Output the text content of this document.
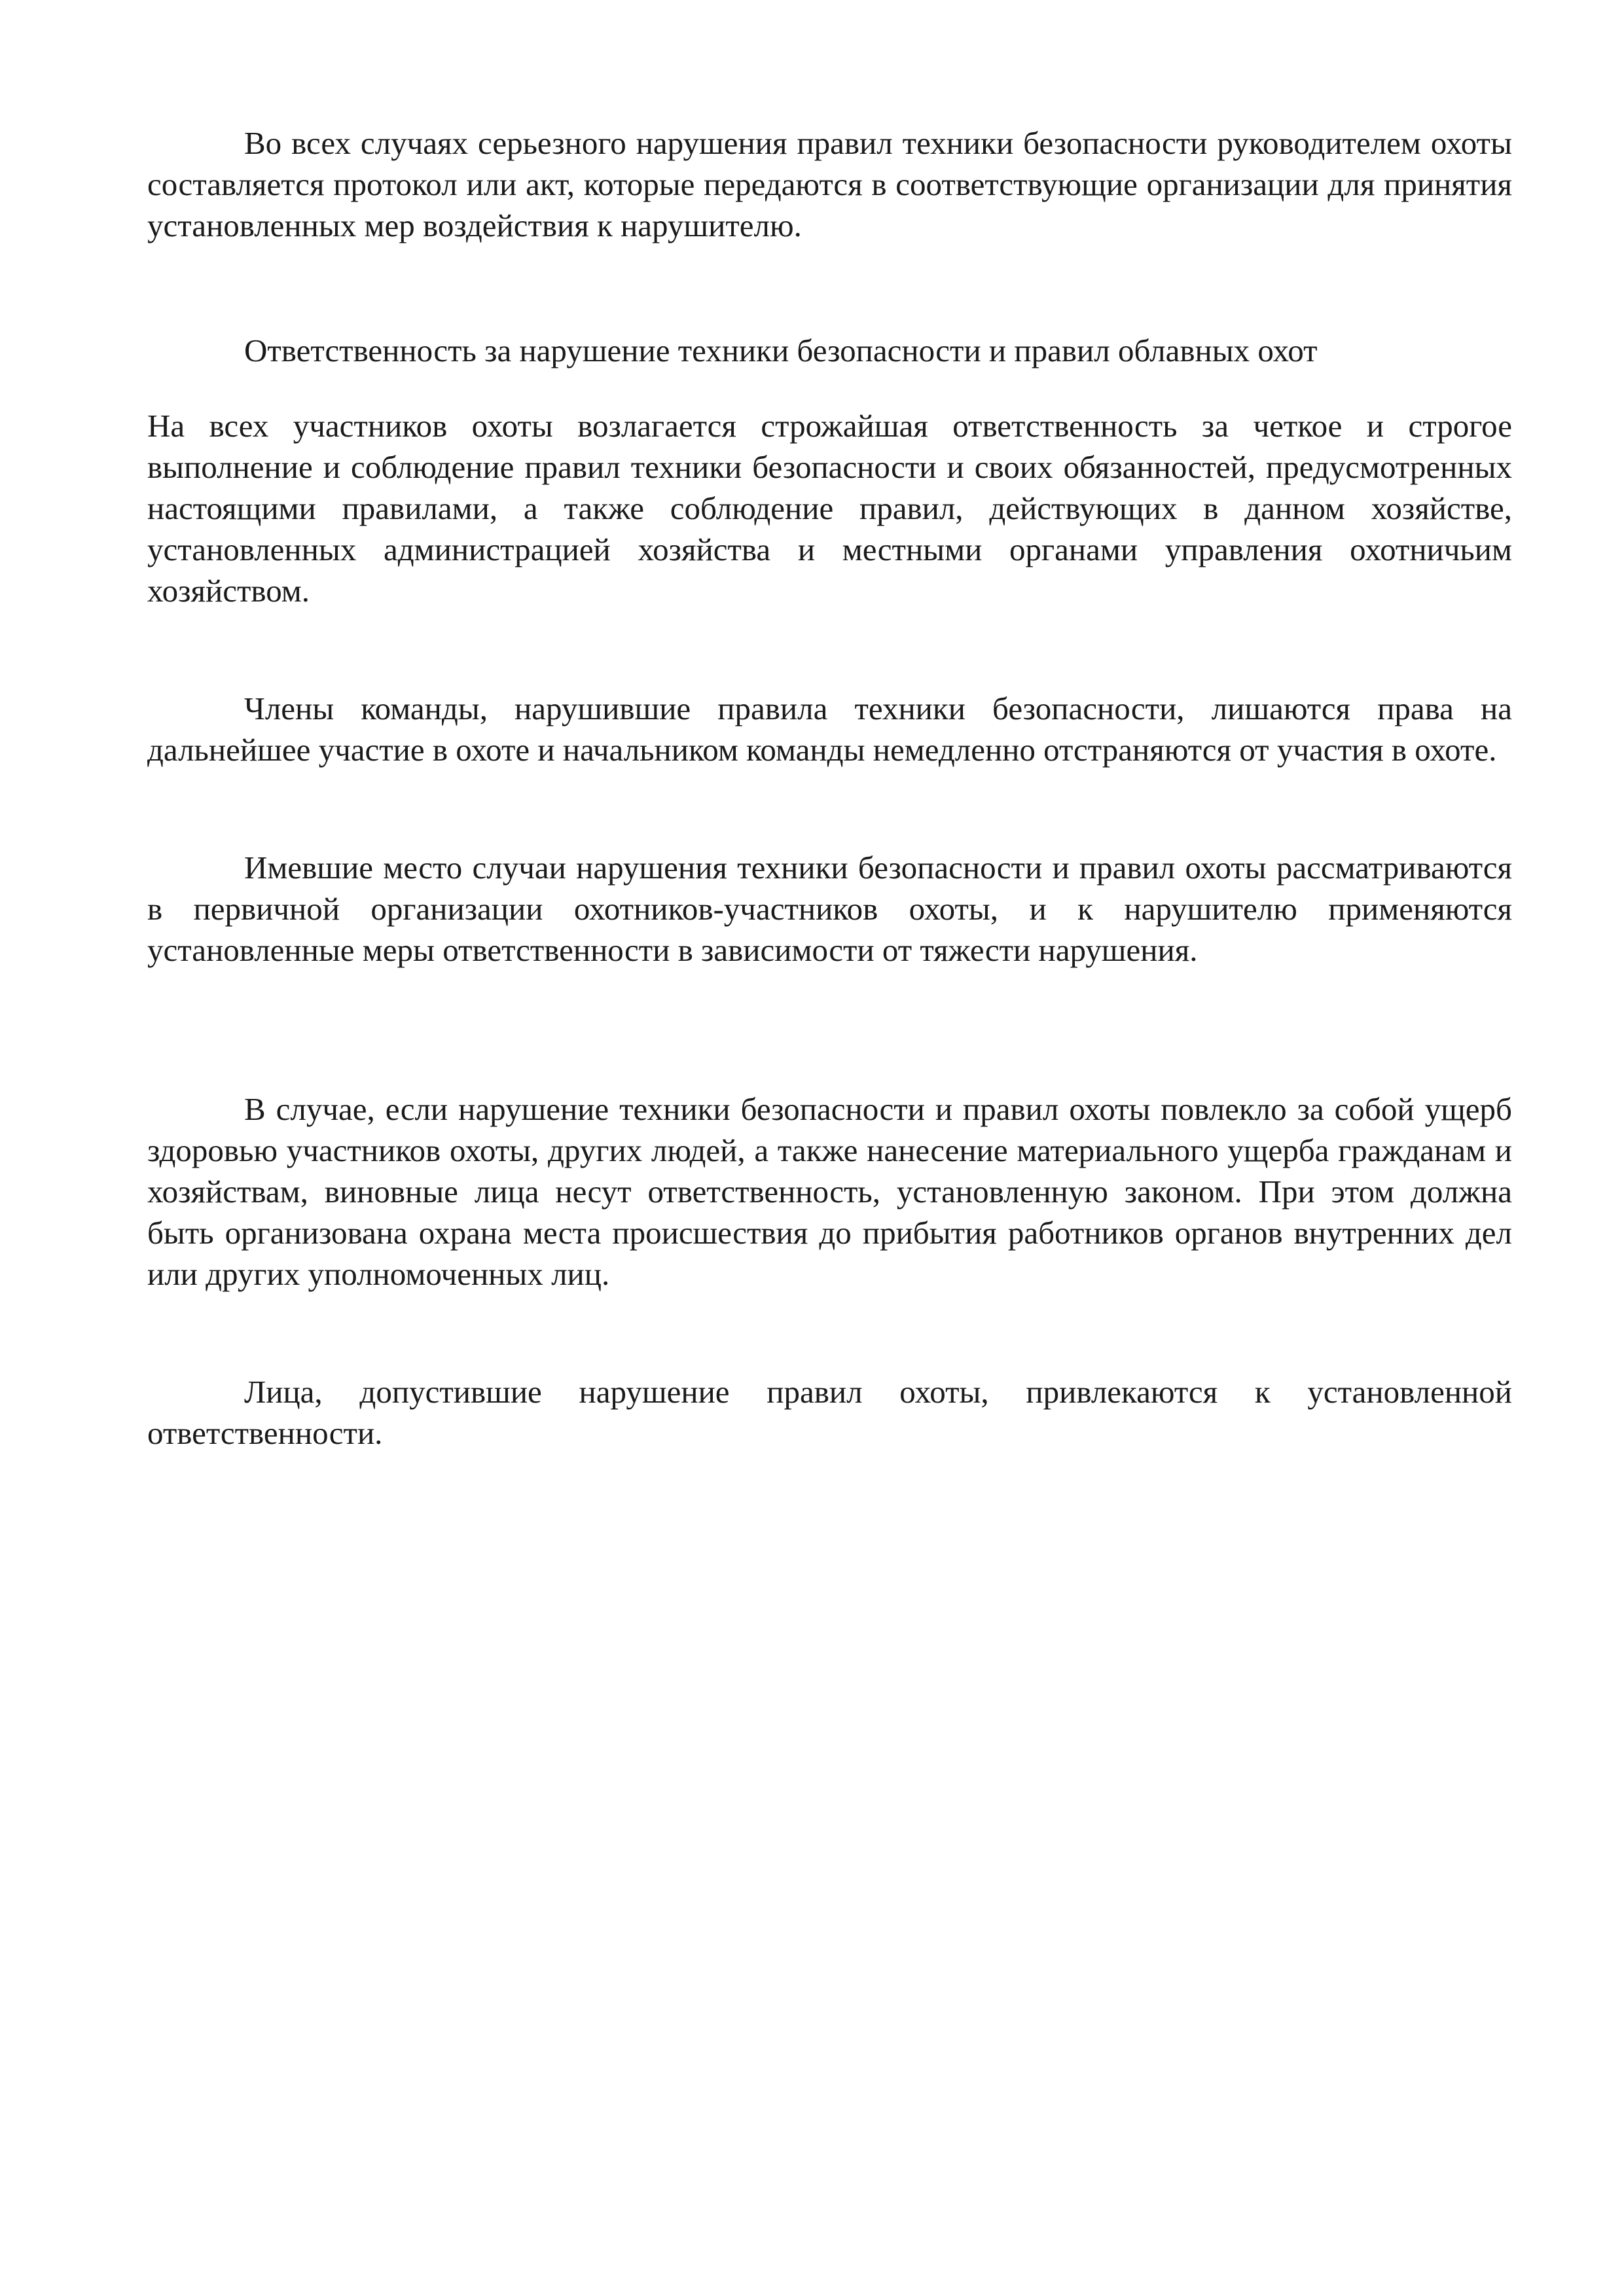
Во всех случаях серьезного нарушения правил техники безопасности руководителем охоты составляется протокол или акт, которые передаются в соответствующие организации для принятия установленных мер воздействия к нарушителю.

Ответственность за нарушение техники безопасности и правил облавных охот

На всех участников охоты возлагается строжайшая ответственность за четкое и строгое выполнение и соблюдение правил техники безопасности и своих обязанностей, предусмотренных настоящими правилами, а также соблюдение правил, действующих в данном хозяйстве, установленных администрацией хозяйства и местными органами управления охотничьим хозяйством.

Члены команды, нарушившие правила техники безопасности, лишаются права на дальнейшее участие в охоте и начальником команды немедленно отстраняются от участия в охоте.

Имевшие место случаи нарушения техники безопасности и правил охоты рассматриваются в первичной организации охотников-участников охоты, и к нарушителю применяются установленные меры ответственности в зависимости от тяжести нарушения.

В случае, если нарушение техники безопасности и правил охоты повлекло за собой ущерб здоровью участников охоты, других людей, а также нанесение материального ущерба гражданам и хозяйствам, виновные лица несут ответственность, установленную законом. При этом должна быть организована охрана места происшествия до прибытия работников органов внутренних дел или других уполномоченных лиц.

Лица, допустившие нарушение правил охоты, привлекаются к установленной ответственности.
